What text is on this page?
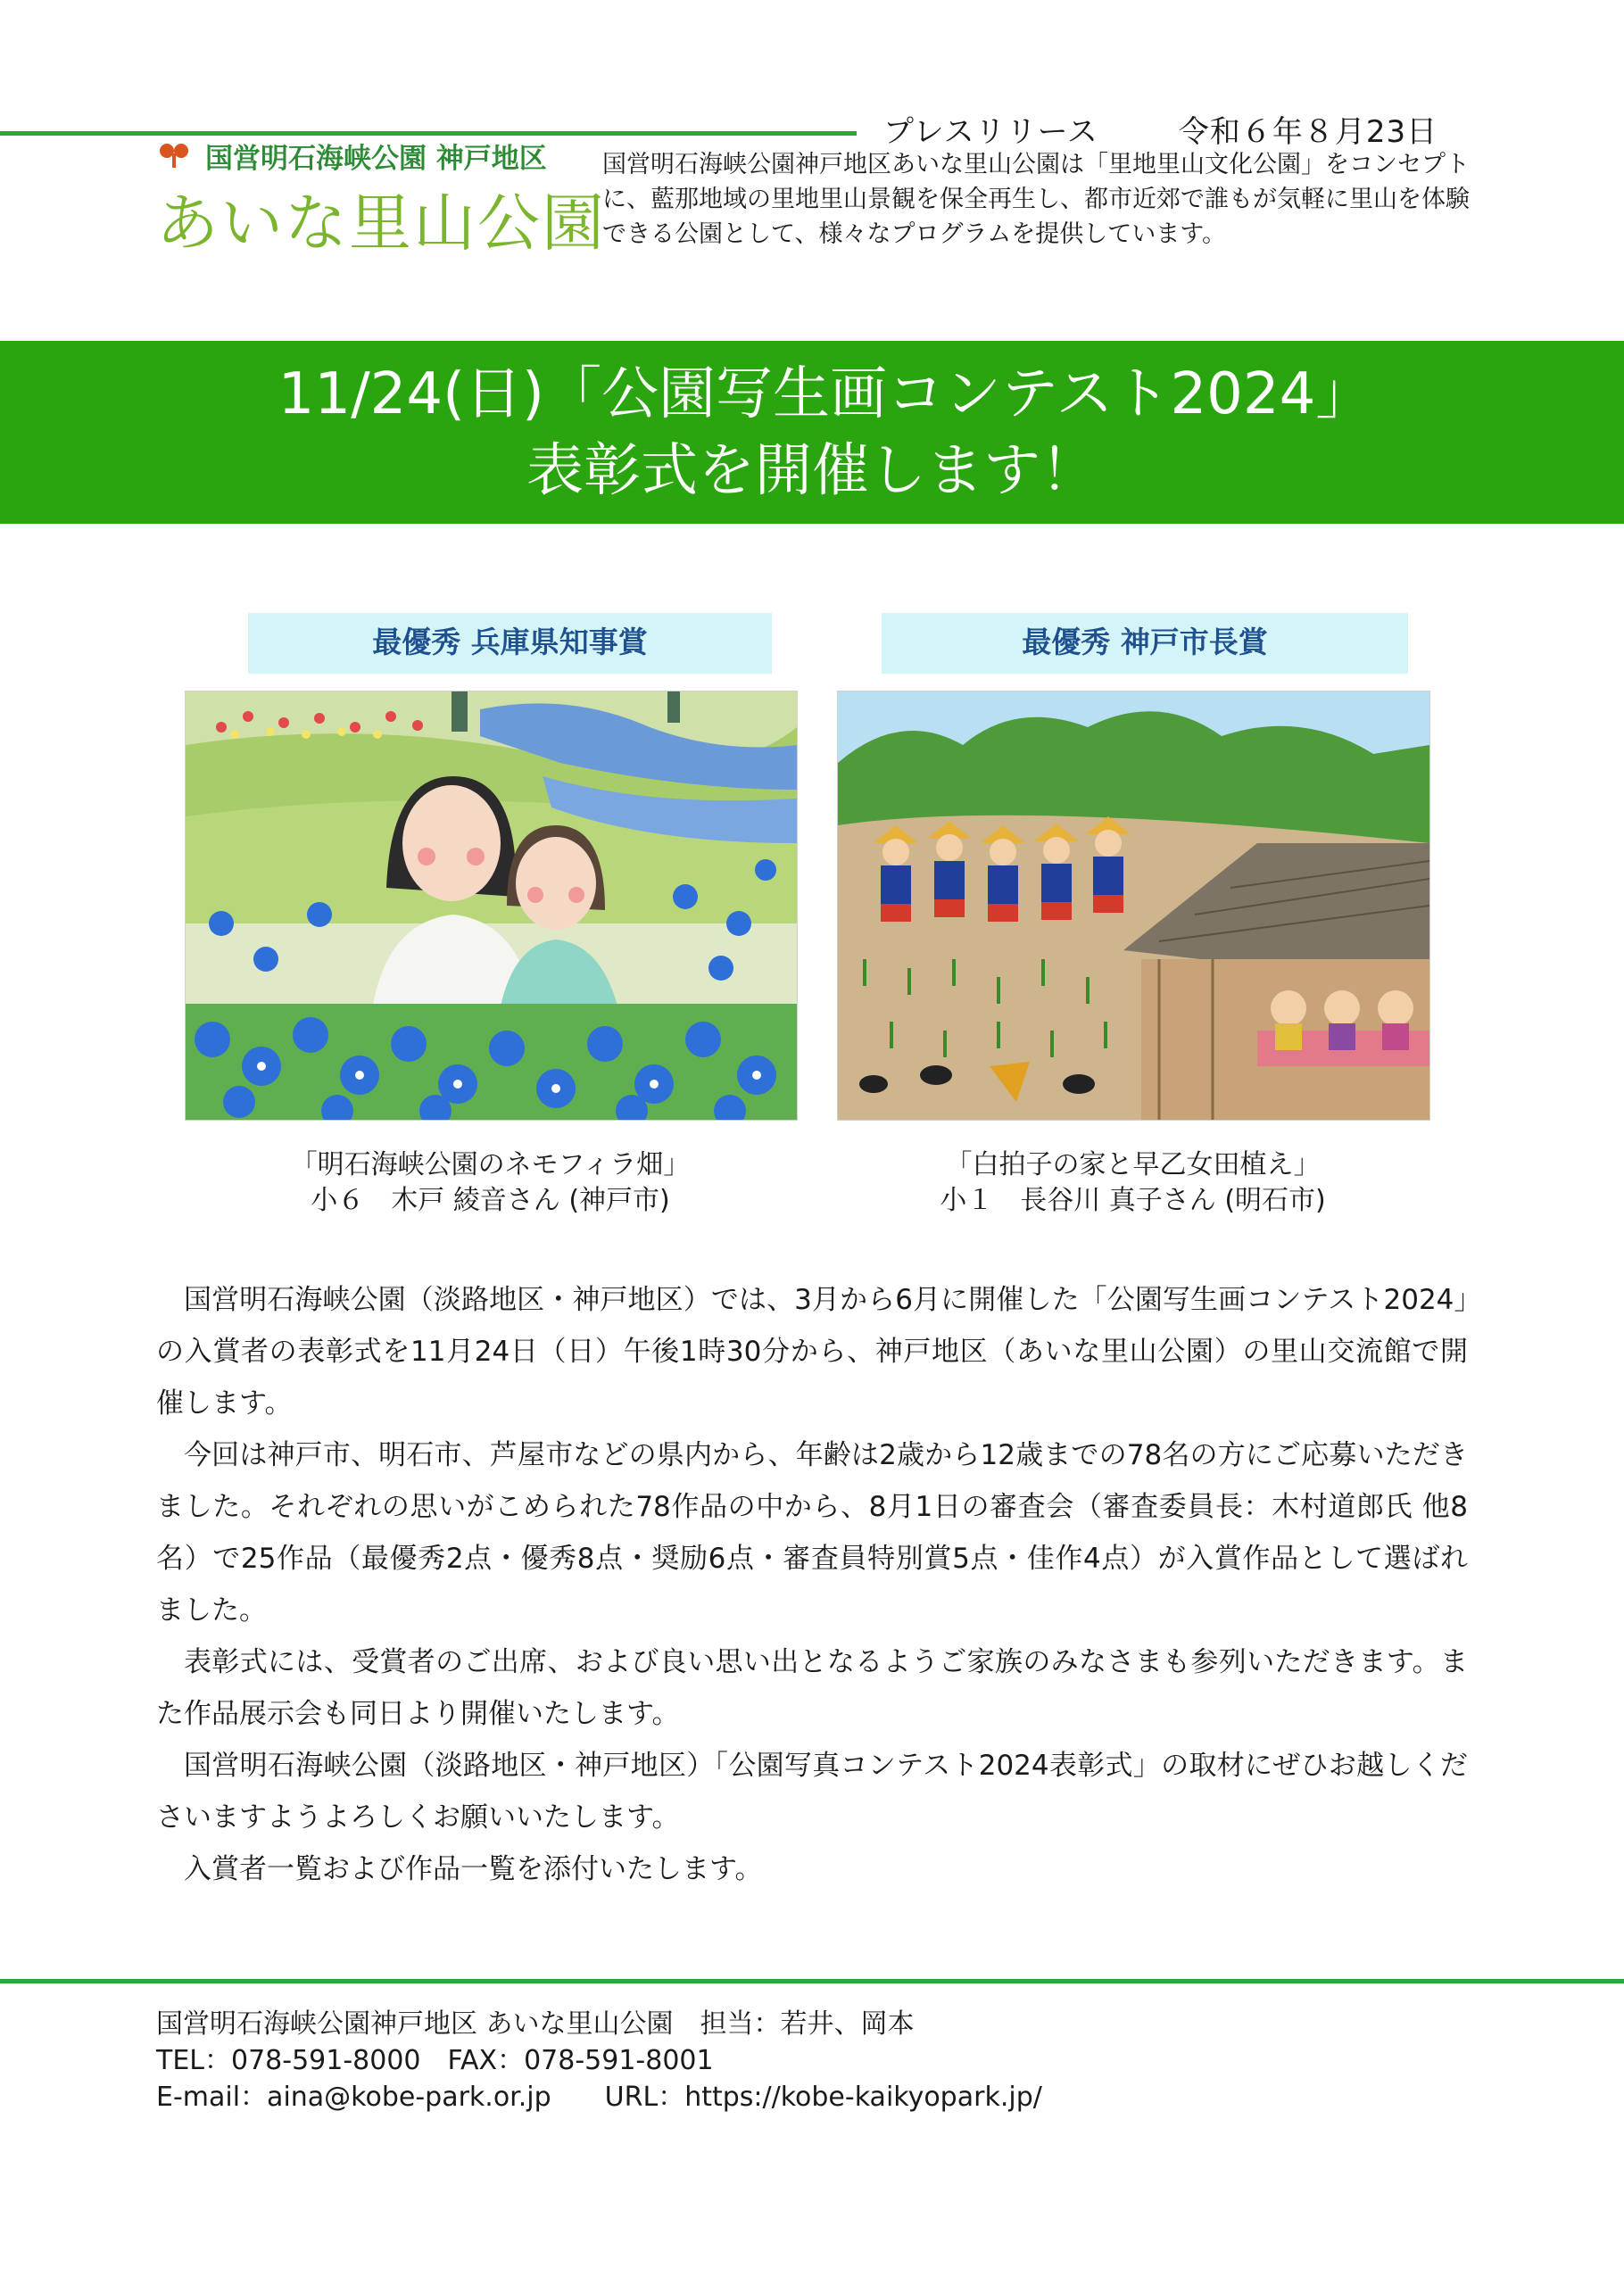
プレスリリース	令和６年８月23日
国営明石海峡公園 神戸地区
あいな里山公園
国営明石海峡公園神戸地区あいな里山公園は「里地里山文化公園」をコンセプトに、藍那地域の里地里山景観を保全再生し、都市近郊で誰もが気軽に里山を体験できる公園として、様々なプログラムを提供しています。
11/24(日)「公園写生画コンテスト2024」
表彰式を開催します！
最優秀 兵庫県知事賞
「明石海峡公園のネモフィラ畑」
小６　木戸 綾音さん (神戸市)
最優秀 神戸市長賞
「白拍子の家と早乙女田植え」
小１　長谷川 真子さん (明石市)

国営明石海峡公園（淡路地区・神戸地区）では、3月から6月に開催した「公園写生画コンテスト2024」の入賞者の表彰式を11月24日（日）午後1時30分から、神戸地区（あいな里山公園）の里山交流館で開催します。

今回は神戸市、明石市、芦屋市などの県内から、年齢は2歳から12歳までの78名の方にご応募いただきました。それぞれの思いがこめられた78作品の中から、8月1日の審査会（審査委員長：木村道郎氏 他8名）で25作品（最優秀2点・優秀8点・奨励6点・審査員特別賞5点・佳作4点）が入賞作品として選ばれました。

表彰式には、受賞者のご出席、および良い思い出となるようご家族のみなさまも参列いただきます。また作品展示会も同日より開催いたします。

国営明石海峡公園（淡路地区・神戸地区）「公園写真コンテスト2024表彰式」の取材にぜひお越しくださいますようよろしくお願いいたします。

入賞者一覧および作品一覧を添付いたします。

国営明石海峡公園神戸地区 あいな里山公園　担当：若井、岡本
TEL：078-591-8000　FAX：078-591-8001
E-mail：aina@kobe-park.or.jp　　URL：https://kobe-kaikyopark.jp/
